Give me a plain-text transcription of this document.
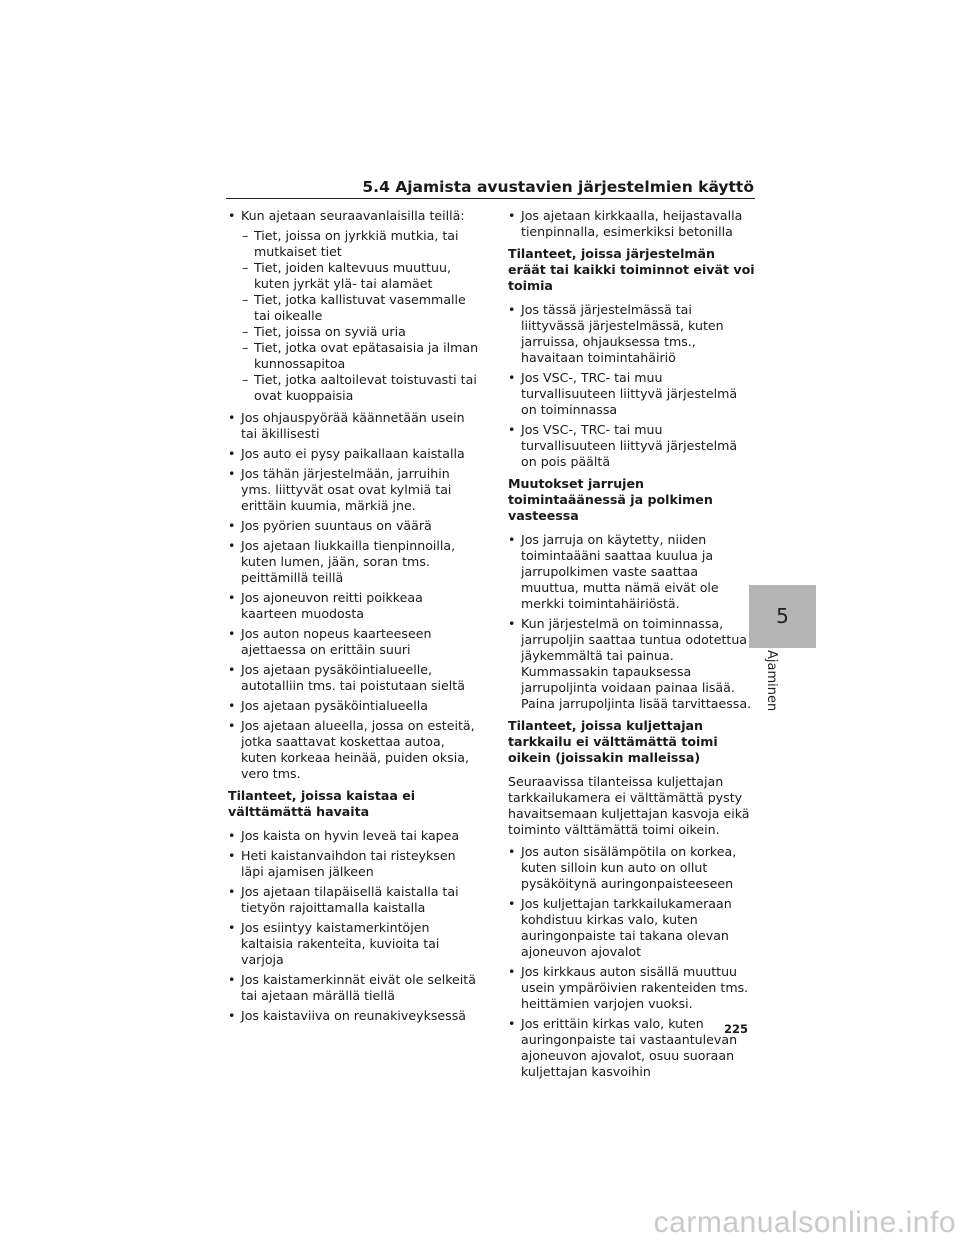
5.4 Ajamista avustavien järjestelmien käyttö
• Kun ajetaan seuraavanlaisilla teillä:
– Tiet, joissa on jyrkkiä mutkia, tai mutkaiset tiet
– Tiet, joiden kaltevuus muuttuu, kuten jyrkät ylä- tai alamäet
– Tiet, jotka kallistuvat vasemmalle tai oikealle
– Tiet, joissa on syviä uria
– Tiet, jotka ovat epätasaisia ja ilman kunnossapitoa
– Tiet, jotka aaltoilevat toistuvasti tai ovat kuoppaisia
• Jos ohjauspyörää käännetään usein tai äkillisesti
• Jos auto ei pysy paikallaan kaistalla
• Jos tähän järjestelmään, jarruihin yms. liittyvät osat ovat kylmiä tai erittäin kuumia, märkiä jne.
• Jos pyörien suuntaus on väärä
• Jos ajetaan liukkailla tienpinnoilla, kuten lumen, jään, soran tms. peittämillä teillä
• Jos ajoneuvon reitti poikkeaa kaarteen muodosta
• Jos auton nopeus kaarteeseen ajettaessa on erittäin suuri
• Jos ajetaan pysäköintialueelle, autotalliin tms. tai poistutaan sieltä
• Jos ajetaan pysäköintialueella
• Jos ajetaan alueella, jossa on esteitä, jotka saattavat koskettaa autoa, kuten korkeaa heinää, puiden oksia, vero tms.
Tilanteet, joissa kaistaa ei välttämättä havaita
• Jos kaista on hyvin leveä tai kapea
• Heti kaistanvaihdon tai risteyksen läpi ajamisen jälkeen
• Jos ajetaan tilapäisellä kaistalla tai tietyön rajoittamalla kaistalla
• Jos esiintyy kaistamerkintöjen kaltaisia rakenteita, kuvioita tai varjoja
• Jos kaistamerkinnät eivät ole selkeitä tai ajetaan märällä tiellä
• Jos kaistaviiva on reunakiveyksessä
• Jos ajetaan kirkkaalla, heijastavalla tienpinnalla, esimerkiksi betonilla
Tilanteet, joissa järjestelmän eräät tai kaikki toiminnot eivät voi toimia
• Jos tässä järjestelmässä tai liittyvässä järjestelmässä, kuten jarruissa, ohjauksessa tms., havaitaan toimintahäiriö
• Jos VSC-, TRC- tai muu turvallisuuteen liittyvä järjestelmä on toiminnassa
• Jos VSC-, TRC- tai muu turvallisuuteen liittyvä järjestelmä on pois päältä
Muutokset jarrujen toimintaäänessä ja polkimen vasteessa
• Jos jarruja on käytetty, niiden toimintaääni saattaa kuulua ja jarrupolkimen vaste saattaa muuttua, mutta nämä eivät ole merkki toimintahäiriöstä.
• Kun järjestelmä on toiminnassa, jarrupoljin saattaa tuntua odotettua jäykemmältä tai painua. Kummassakin tapauksessa jarrupoljinta voidaan painaa lisää. Paina jarrupoljinta lisää tarvittaessa.
Tilanteet, joissa kuljettajan tarkkailu ei välttämättä toimi oikein (joissakin malleissa)
Seuraavissa tilanteissa kuljettajan tarkkailukamera ei välttämättä pysty havaitsemaan kuljettajan kasvoja eikä toiminto välttämättä toimi oikein.
• Jos auton sisälämpötila on korkea, kuten silloin kun auto on ollut pysäköitynä auringonpaisteeseen
• Jos kuljettajan tarkkailukameraan kohdistuu kirkas valo, kuten auringonpaiste tai takana olevan ajoneuvon ajovalot
• Jos kirkkaus auton sisällä muuttuu usein ympäröivien rakenteiden tms. heittämien varjojen vuoksi.
• Jos erittäin kirkas valo, kuten auringonpaiste tai vastaantulevan ajoneuvon ajovalot, osuu suoraan kuljettajan kasvoihin
5
Ajaminen
225
carmanualsonline.info
